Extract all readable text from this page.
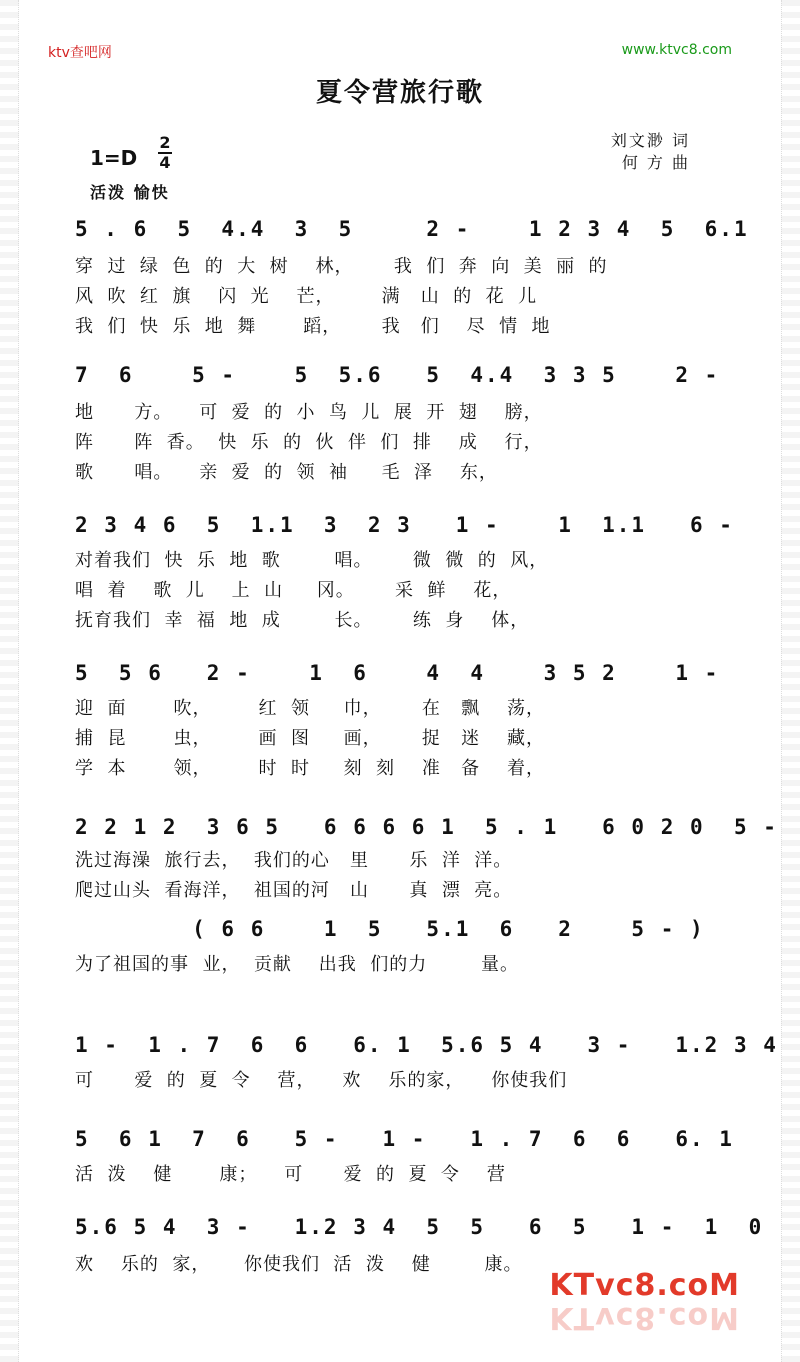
ktv查吧网	www.ktvc8.com
夏令营旅行歌
刘文渺 词
何 方 曲
1=D
2
4
活泼 愉快
5 . 6  5  4.4  3  5     2 -    1 2 3 4  5  6.1
穿  过  绿  色  的  大  树    林，      我  们  奔  向  美  丽  的
风  吹  红  旗    闪  光    芒，       满   山  的  花  儿
我  们  快  乐  地  舞       蹈，      我   们    尽  情  地
7  6    5 -    5  5.6   5  4.4  3 3 5    2 -
地      方。    可  爱  的  小  鸟  儿  展  开  翅    膀，
阵      阵  香。  快  乐  的  伙  伴  们  排    成    行，
歌      唱。    亲  爱  的  领  袖     毛  泽    东，
2 3 4 6  5  1.1  3  2 3   1 -    1  1.1   6 -
对着我们  快  乐  地  歌        唱。      微  微  的  风，
唱  着    歌  儿    上  山     冈。      采  鲜    花，
抚育我们  幸  福  地  成        长。      练  身    体，
5  5 6   2 -    1  6    4  4    3 5 2    1 -
迎  面       吹，       红  领     巾，      在   飘    荡，
捕  昆       虫，       画  图     画，      捉   迷    藏，
学  本       领，       时  时     刻  刻    准   备    着，
2 2 1 2  3 6 5   6 6 6 6 1  5 . 1   6 0 2 0  5 -
洗过海澡  旅行去，  我们的心   里      乐  洋  洋。
爬过山头  看海洋，  祖国的河   山      真  漂  亮。
( 6 6    1  5   5.1  6   2    5 - )
为了祖国的事  业，  贡献    出我  们的力        量。
1 -  1 . 7  6  6   6. 1  5.6 5 4   3 -   1.2 3 4
可      爱  的  夏  令    营，    欢    乐的家，    你使我们
5  6 1  7  6   5 -   1 -   1 . 7  6  6   6. 1
活  泼    健       康；    可      爱  的  夏  令    营
5.6 5 4  3 -   1.2 3 4  5  5   6  5   1 -  1  0
欢    乐的  家，     你使我们  活  泼    健        康。
KTvc8.coM
KTvc8.coM
